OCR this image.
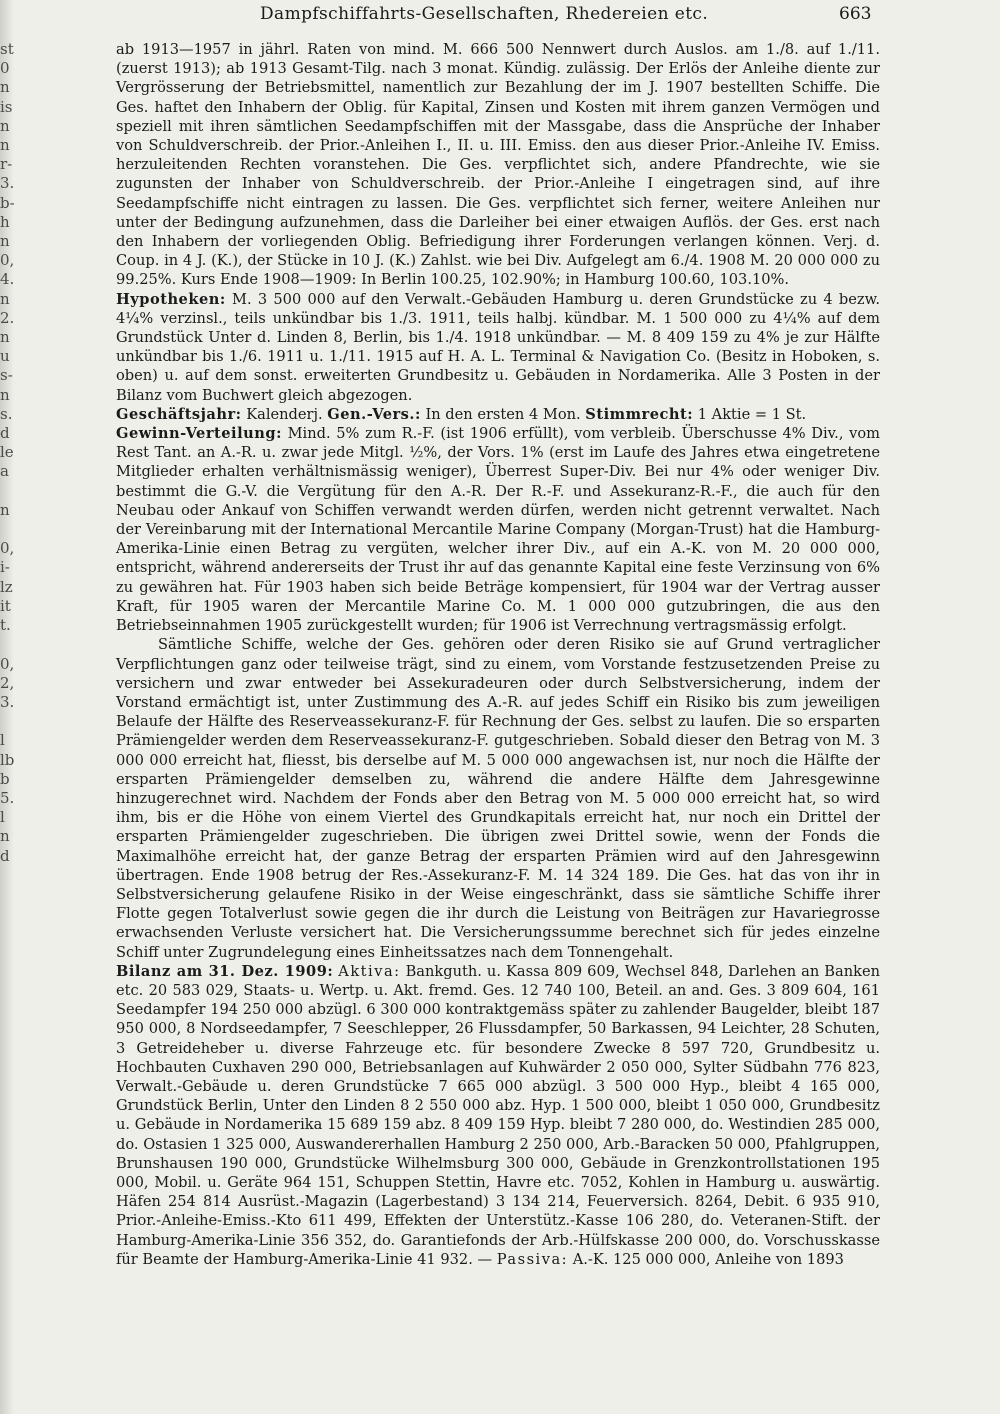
st
0
n
is
n
n
r-
3.
b-
h
n
0,
4.
n
2.
n
u
s-
n
s.
d
le
a

n

0,
i-
lz
it
t.

0,
2,
3.

l
lb
b
5.
l
n
d
Dampfschiffahrts-Gesellschaften, Rhedereien etc.	663

ab 1913—1957 in jährl. Raten von mind. M. 666 500 Nennwert durch Auslos. am 1./8. auf 1./11. (zuerst 1913); ab 1913 Gesamt-Tilg. nach 3 monat. Kündig. zulässig. Der Erlös der Anleihe diente zur Vergrösserung der Betriebsmittel, namentlich zur Bezahlung der im J. 1907 bestellten Schiffe. Die Ges. haftet den Inhabern der Oblig. für Kapital, Zinsen und Kosten mit ihrem ganzen Vermögen und speziell mit ihren sämtlichen Seedampfschiffen mit der Massgabe, dass die Ansprüche der Inhaber von Schuldverschreib. der Prior.-Anleihen I., II. u. III. Emiss. den aus dieser Prior.-Anleihe IV. Emiss. herzuleitenden Rechten voranstehen. Die Ges. verpflichtet sich, andere Pfandrechte, wie sie zugunsten der Inhaber von Schuldverschreib. der Prior.-Anleihe I eingetragen sind, auf ihre Seedampfschiffe nicht eintragen zu lassen. Die Ges. verpflichtet sich ferner, weitere Anleihen nur unter der Bedingung aufzunehmen, dass die Darleiher bei einer etwaigen Auflös. der Ges. erst nach den Inhabern der vorliegenden Oblig. Befriedigung ihrer Forderungen verlangen können. Verj. d. Coup. in 4 J. (K.), der Stücke in 10 J. (K.) Zahlst. wie bei Div. Aufgelegt am 6./4. 1908 M. 20 000 000 zu 99.25%. Kurs Ende 1908—1909: In Berlin 100.25, 102.90%; in Hamburg 100.60, 103.10%.

Hypotheken: M. 3 500 000 auf den Verwalt.-Gebäuden Hamburg u. deren Grundstücke zu 4 bezw. 4¼% verzinsl., teils unkündbar bis 1./3. 1911, teils halbj. kündbar. M. 1 500 000 zu 4¼% auf dem Grundstück Unter d. Linden 8, Berlin, bis 1./4. 1918 unkündbar. — M. 8 409 159 zu 4% je zur Hälfte unkündbar bis 1./6. 1911 u. 1./11. 1915 auf H. A. L. Terminal & Navigation Co. (Besitz in Hoboken, s. oben) u. auf dem sonst. erweiterten Grundbesitz u. Gebäuden in Nordamerika. Alle 3 Posten in der Bilanz vom Buchwert gleich abgezogen.

Geschäftsjahr: Kalenderj. Gen.-Vers.: In den ersten 4 Mon. Stimmrecht: 1 Aktie = 1 St.

Gewinn-Verteilung: Mind. 5% zum R.-F. (ist 1906 erfüllt), vom verbleib. Überschusse 4% Div., vom Rest Tant. an A.-R. u. zwar jede Mitgl. ½%, der Vors. 1% (erst im Laufe des Jahres etwa eingetretene Mitglieder erhalten verhältnismässig weniger), Überrest Super-Div. Bei nur 4% oder weniger Div. bestimmt die G.-V. die Vergütung für den A.-R. Der R.-F. und Assekuranz-R.-F., die auch für den Neubau oder Ankauf von Schiffen verwandt werden dürfen, werden nicht getrennt verwaltet. Nach der Vereinbarung mit der International Mercantile Marine Company (Morgan-Trust) hat die Hamburg-Amerika-Linie einen Betrag zu vergüten, welcher ihrer Div., auf ein A.-K. von M. 20 000 000, entspricht, während andererseits der Trust ihr auf das genannte Kapital eine feste Verzinsung von 6% zu gewähren hat. Für 1903 haben sich beide Beträge kompensiert, für 1904 war der Vertrag ausser Kraft, für 1905 waren der Mercantile Marine Co. M. 1 000 000 gutzubringen, die aus den Betriebseinnahmen 1905 zurückgestellt wurden; für 1906 ist Verrechnung vertragsmässig erfolgt.

Sämtliche Schiffe, welche der Ges. gehören oder deren Risiko sie auf Grund vertraglicher Verpflichtungen ganz oder teilweise trägt, sind zu einem, vom Vorstande festzusetzenden Preise zu versichern und zwar entweder bei Assekuradeuren oder durch Selbstversicherung, indem der Vorstand ermächtigt ist, unter Zustimmung des A.-R. auf jedes Schiff ein Risiko bis zum jeweiligen Belaufe der Hälfte des Reserveassekuranz-F. für Rechnung der Ges. selbst zu laufen. Die so ersparten Prämiengelder werden dem Reserveassekuranz-F. gutgeschrieben. Sobald dieser den Betrag von M. 3 000 000 erreicht hat, fliesst, bis derselbe auf M. 5 000 000 angewachsen ist, nur noch die Hälfte der ersparten Prämiengelder demselben zu, während die andere Hälfte dem Jahresgewinne hinzugerechnet wird. Nachdem der Fonds aber den Betrag von M. 5 000 000 erreicht hat, so wird ihm, bis er die Höhe von einem Viertel des Grundkapitals erreicht hat, nur noch ein Drittel der ersparten Prämiengelder zugeschrieben. Die übrigen zwei Drittel sowie, wenn der Fonds die Maximalhöhe erreicht hat, der ganze Betrag der ersparten Prämien wird auf den Jahresgewinn übertragen. Ende 1908 betrug der Res.-Assekuranz-F. M. 14 324 189. Die Ges. hat das von ihr in Selbstversicherung gelaufene Risiko in der Weise eingeschränkt, dass sie sämtliche Schiffe ihrer Flotte gegen Totalverlust sowie gegen die ihr durch die Leistung von Beiträgen zur Havariegrosse erwachsenden Verluste versichert hat. Die Versicherungssumme berechnet sich für jedes einzelne Schiff unter Zugrundelegung eines Einheitssatzes nach dem Tonnengehalt.

Bilanz am 31. Dez. 1909: Aktiva: Bankguth. u. Kassa 809 609, Wechsel 848, Darlehen an Banken etc. 20 583 029, Staats- u. Wertp. u. Akt. fremd. Ges. 12 740 100, Beteil. an and. Ges. 3 809 604, 161 Seedampfer 194 250 000 abzügl. 6 300 000 kontraktgemäss später zu zahlender Baugelder, bleibt 187 950 000, 8 Nordseedampfer, 7 Seeschlepper, 26 Flussdampfer, 50 Barkassen, 94 Leichter, 28 Schuten, 3 Getreideheber u. diverse Fahrzeuge etc. für besondere Zwecke 8 597 720, Grundbesitz u. Hochbauten Cuxhaven 290 000, Betriebsanlagen auf Kuhwärder 2 050 000, Sylter Südbahn 776 823, Verwalt.-Gebäude u. deren Grundstücke 7 665 000 abzügl. 3 500 000 Hyp., bleibt 4 165 000, Grundstück Berlin, Unter den Linden 8 2 550 000 abz. Hyp. 1 500 000, bleibt 1 050 000, Grundbesitz u. Gebäude in Nordamerika 15 689 159 abz. 8 409 159 Hyp. bleibt 7 280 000, do. Westindien 285 000, do. Ostasien 1 325 000, Auswandererhallen Hamburg 2 250 000, Arb.-Baracken 50 000, Pfahlgruppen, Brunshausen 190 000, Grundstücke Wilhelmsburg 300 000, Gebäude in Grenzkontrollstationen 195 000, Mobil. u. Geräte 964 151, Schuppen Stettin, Havre etc. 7052, Kohlen in Hamburg u. auswärtig. Häfen 254 814 Ausrüst.-Magazin (Lagerbestand) 3 134 214, Feuerversich. 8264, Debit. 6 935 910, Prior.-Anleihe-Emiss.-Kto 611 499, Effekten der Unterstütz.-Kasse 106 280, do. Veteranen-Stift. der Hamburg-Amerika-Linie 356 352, do. Garantiefonds der Arb.-Hülfskasse 200 000, do. Vorschusskasse für Beamte der Hamburg-Amerika-Linie 41 932. — Passiva: A.-K. 125 000 000, Anleihe von 1893
